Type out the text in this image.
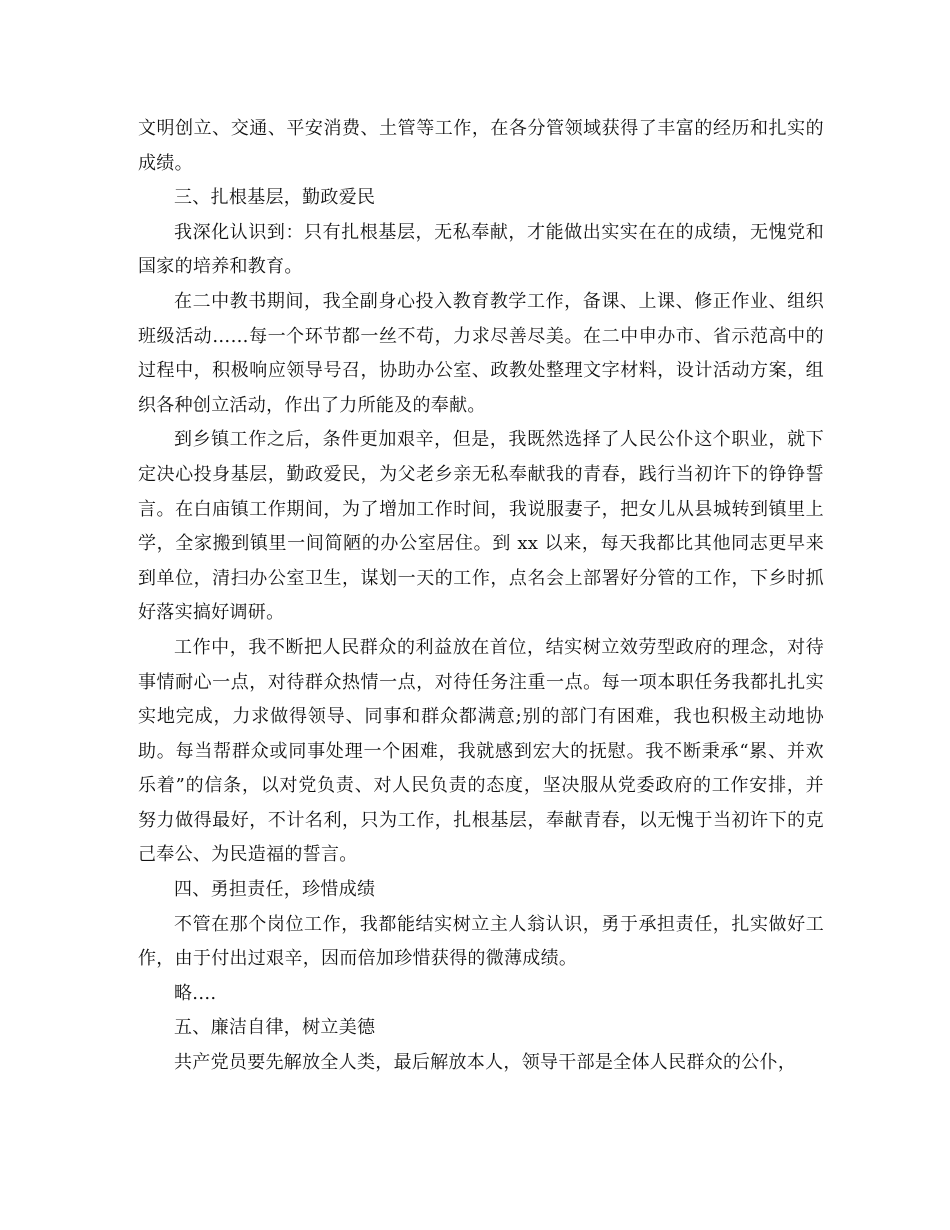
文明创立、交通、平安消费、土管等工作，在各分管领域获得了丰富的经历和扎实的成绩。

三、扎根基层，勤政爱民

我深化认识到：只有扎根基层，无私奉献，才能做出实实在在的成绩，无愧党和国家的培养和教育。

在二中教书期间，我全副身心投入教育教学工作，备课、上课、修正作业、组织班级活动……每一个环节都一丝不苟，力求尽善尽美。在二中申办市、省示范高中的过程中，积极响应领导号召，协助办公室、政教处整理文字材料，设计活动方案，组织各种创立活动，作出了力所能及的奉献。

到乡镇工作之后，条件更加艰辛，但是，我既然选择了人民公仆这个职业，就下定决心投身基层，勤政爱民，为父老乡亲无私奉献我的青春，践行当初许下的铮铮誓言。在白庙镇工作期间，为了增加工作时间，我说服妻子，把女儿从县城转到镇里上学，全家搬到镇里一间简陋的办公室居住。到 xx 以来，每天我都比其他同志更早来到单位，清扫办公室卫生，谋划一天的工作，点名会上部署好分管的工作，下乡时抓好落实搞好调研。

工作中，我不断把人民群众的利益放在首位，结实树立效劳型政府的理念，对待事情耐心一点，对待群众热情一点，对待任务注重一点。每一项本职任务我都扎扎实实地完成，力求做得领导、同事和群众都满意;别的部门有困难，我也积极主动地协助。每当帮群众或同事处理一个困难，我就感到宏大的抚慰。我不断秉承“累、并欢乐着”的信条，以对党负责、对人民负责的态度，坚决服从党委政府的工作安排，并努力做得最好，不计名利，只为工作，扎根基层，奉献青春，以无愧于当初许下的克己奉公、为民造福的誓言。

四、勇担责任，珍惜成绩

不管在那个岗位工作，我都能结实树立主人翁认识，勇于承担责任，扎实做好工作，由于付出过艰辛，因而倍加珍惜获得的微薄成绩。

略....

五、廉洁自律，树立美德

共产党员要先解放全人类，最后解放本人，领导干部是全体人民群众的公仆，
